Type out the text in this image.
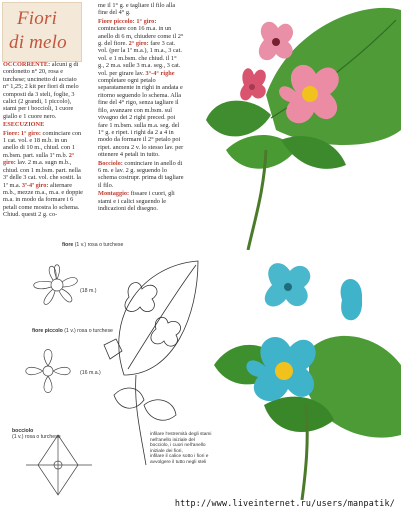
Fiori
di melo

OCCORRENTE: alcuni g di cordonetto n° 20, rosa e turchese; uncinetto di acciaio n° 1,25; 2 kit per fiori di melo composti da 3 steli, foglie, 3 calici (2 grandi, 1 piccolo), stami per i boccioli, 1 cuore giallo e 1 cuore nero.

ESECUZIONE

Fiore: 1° giro: cominciare con 1 cat. vol. e 18 m.b. in un anello di 10 m., chiud. con 1 m.bsm. part. sulla 1ª m.b. 2° giro: lav. 2 m.a. sugn m.b., chiud. con 1 m.bsm. part. nella 3ª delle 3 cat. vol. che sostit. la 1ª m.a. 3ª-4ª giro: alternare m.b., mezze m.a., m.a. e doppie m.a. in modo da formare i 6 petali come mostra lo schema. Chiud. questi 2 g. co-

me il 1° g. e tagliare il filo alla fine del 4° g.

Fiore piccolo: 1° giro: cominciare con 16 m.a. in un anello di 6 m, chiudere come il 2° g. del fiore. 2° giro: fare 3 cat. vol. (per la 1ª m.a.), 1 m.a., 3 cat. vol. e 1 m.bsm. che chiud. il 1° g., 2 m.a. sulle 3 m.a. seg., 3 cat. vol. per girare lav. 3°-4° righe completare ogni petalo separatamente in righi in andata e ritorno seguendo lo schema. Alla fine del 4° rigo, senza tagliare il filo, avanzare con m.bsm. sul vivagno dei 2 righi preced. poi fare 1 m.bsm. sulla m.a. seg. del 1° g. e ripet. i righi da 2 a 4 in modo da formare il 2° petalo poi ripet. ancora 2 v. lo stesso lav. per ottenere 4 petali in tutto.

Bocciolo: cominciare in anello di 6 m. e lav. 2 g. seguendo lo schema costrupr. prima di tagliare il filo.

Montaggio: fissare i cuori, gli stami e i calici seguendo le indicazioni del disegno.

fiore (1 v.) rosa o turchese
(18 m.)
fiore piccolo (1 v.) rosa o turchese
(16 m.a.)
bocciolo
(1 v.) rosa o turchese	infilare l'estremità degli stami nell'anello iniziale del bocciolo, i cuori nell'anello iniziale dei fiori,
infilare il calice sotto i fiori e avvolgere il tutto negli steli
http://www.liveinternet.ru/users/manpatik/
